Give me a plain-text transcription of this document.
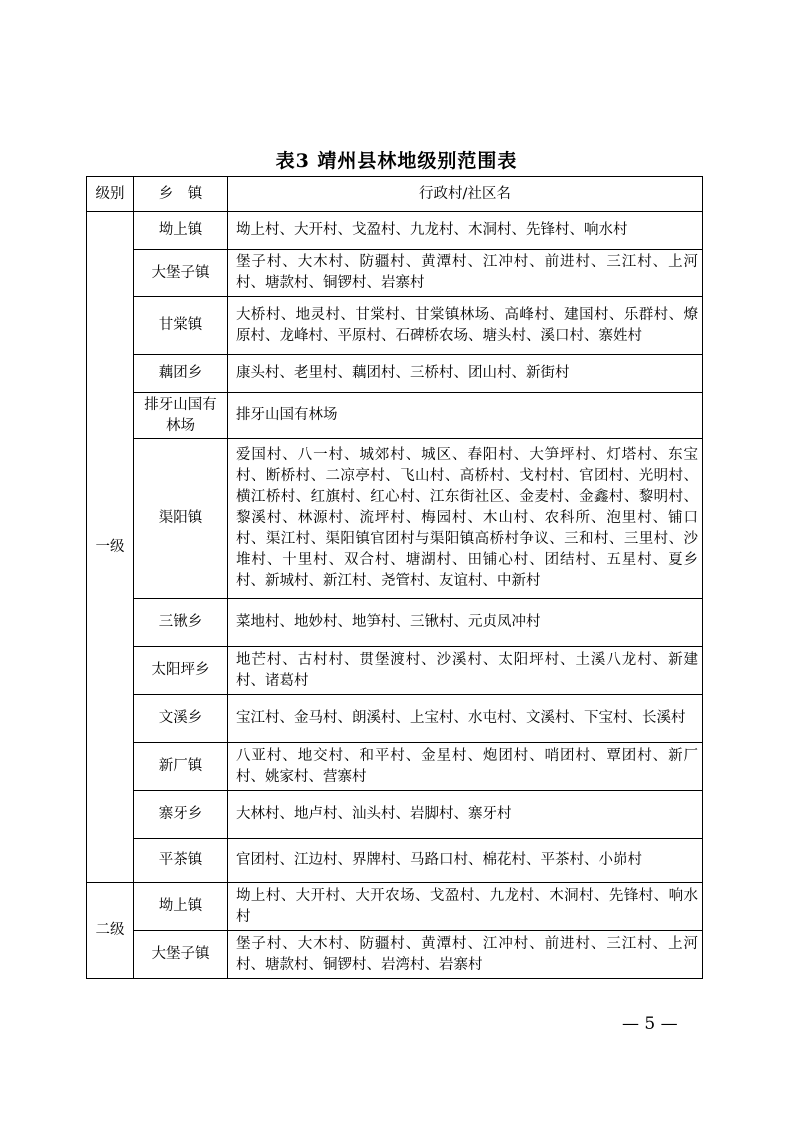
表3 靖州县林地级别范围表
级别	乡　镇	行政村/社区名
一级	坳上镇	坳上村、大开村、戈盈村、九龙村、木洞村、先锋村、响水村
	大堡子镇	堡子村、大木村、防疆村、黄潭村、江冲村、前进村、三江村、上河村、塘款村、铜锣村、岩寨村
	甘棠镇	大桥村、地灵村、甘棠村、甘棠镇林场、高峰村、建国村、乐群村、燎原村、龙峰村、平原村、石碑桥农场、塘头村、溪口村、寨姓村
	藕团乡	康头村、老里村、藕团村、三桥村、团山村、新街村
	排牙山国有林场	排牙山国有林场
	渠阳镇	爱国村、八一村、城郊村、城区、春阳村、大笋坪村、灯塔村、东宝村、断桥村、二凉亭村、飞山村、高桥村、戈村村、官团村、光明村、横江桥村、红旗村、红心村、江东街社区、金麦村、金鑫村、黎明村、黎溪村、林源村、流坪村、梅园村、木山村、农科所、泡里村、铺口村、渠江村、渠阳镇官团村与渠阳镇高桥村争议、三和村、三里村、沙堆村、十里村、双合村、塘湖村、田铺心村、团结村、五星村、夏乡村、新城村、新江村、尧管村、友谊村、中新村
	三锹乡	菜地村、地妙村、地笋村、三锹村、元贞凤冲村
	太阳坪乡	地芒村、古村村、贯堡渡村、沙溪村、太阳坪村、土溪八龙村、新建村、诸葛村
	文溪乡	宝江村、金马村、朗溪村、上宝村、水屯村、文溪村、下宝村、长溪村
	新厂镇	八亚村、地交村、和平村、金星村、炮团村、哨团村、覃团村、新厂村、姚家村、营寨村
	寨牙乡	大林村、地卢村、汕头村、岩脚村、寨牙村
	平茶镇	官团村、江边村、界牌村、马路口村、棉花村、平茶村、小峁村
二级	坳上镇	坳上村、大开村、大开农场、戈盈村、九龙村、木洞村、先锋村、响水村
	大堡子镇	堡子村、大木村、防疆村、黄潭村、江冲村、前进村、三江村、上河村、塘款村、铜锣村、岩湾村、岩寨村
— 5 —
